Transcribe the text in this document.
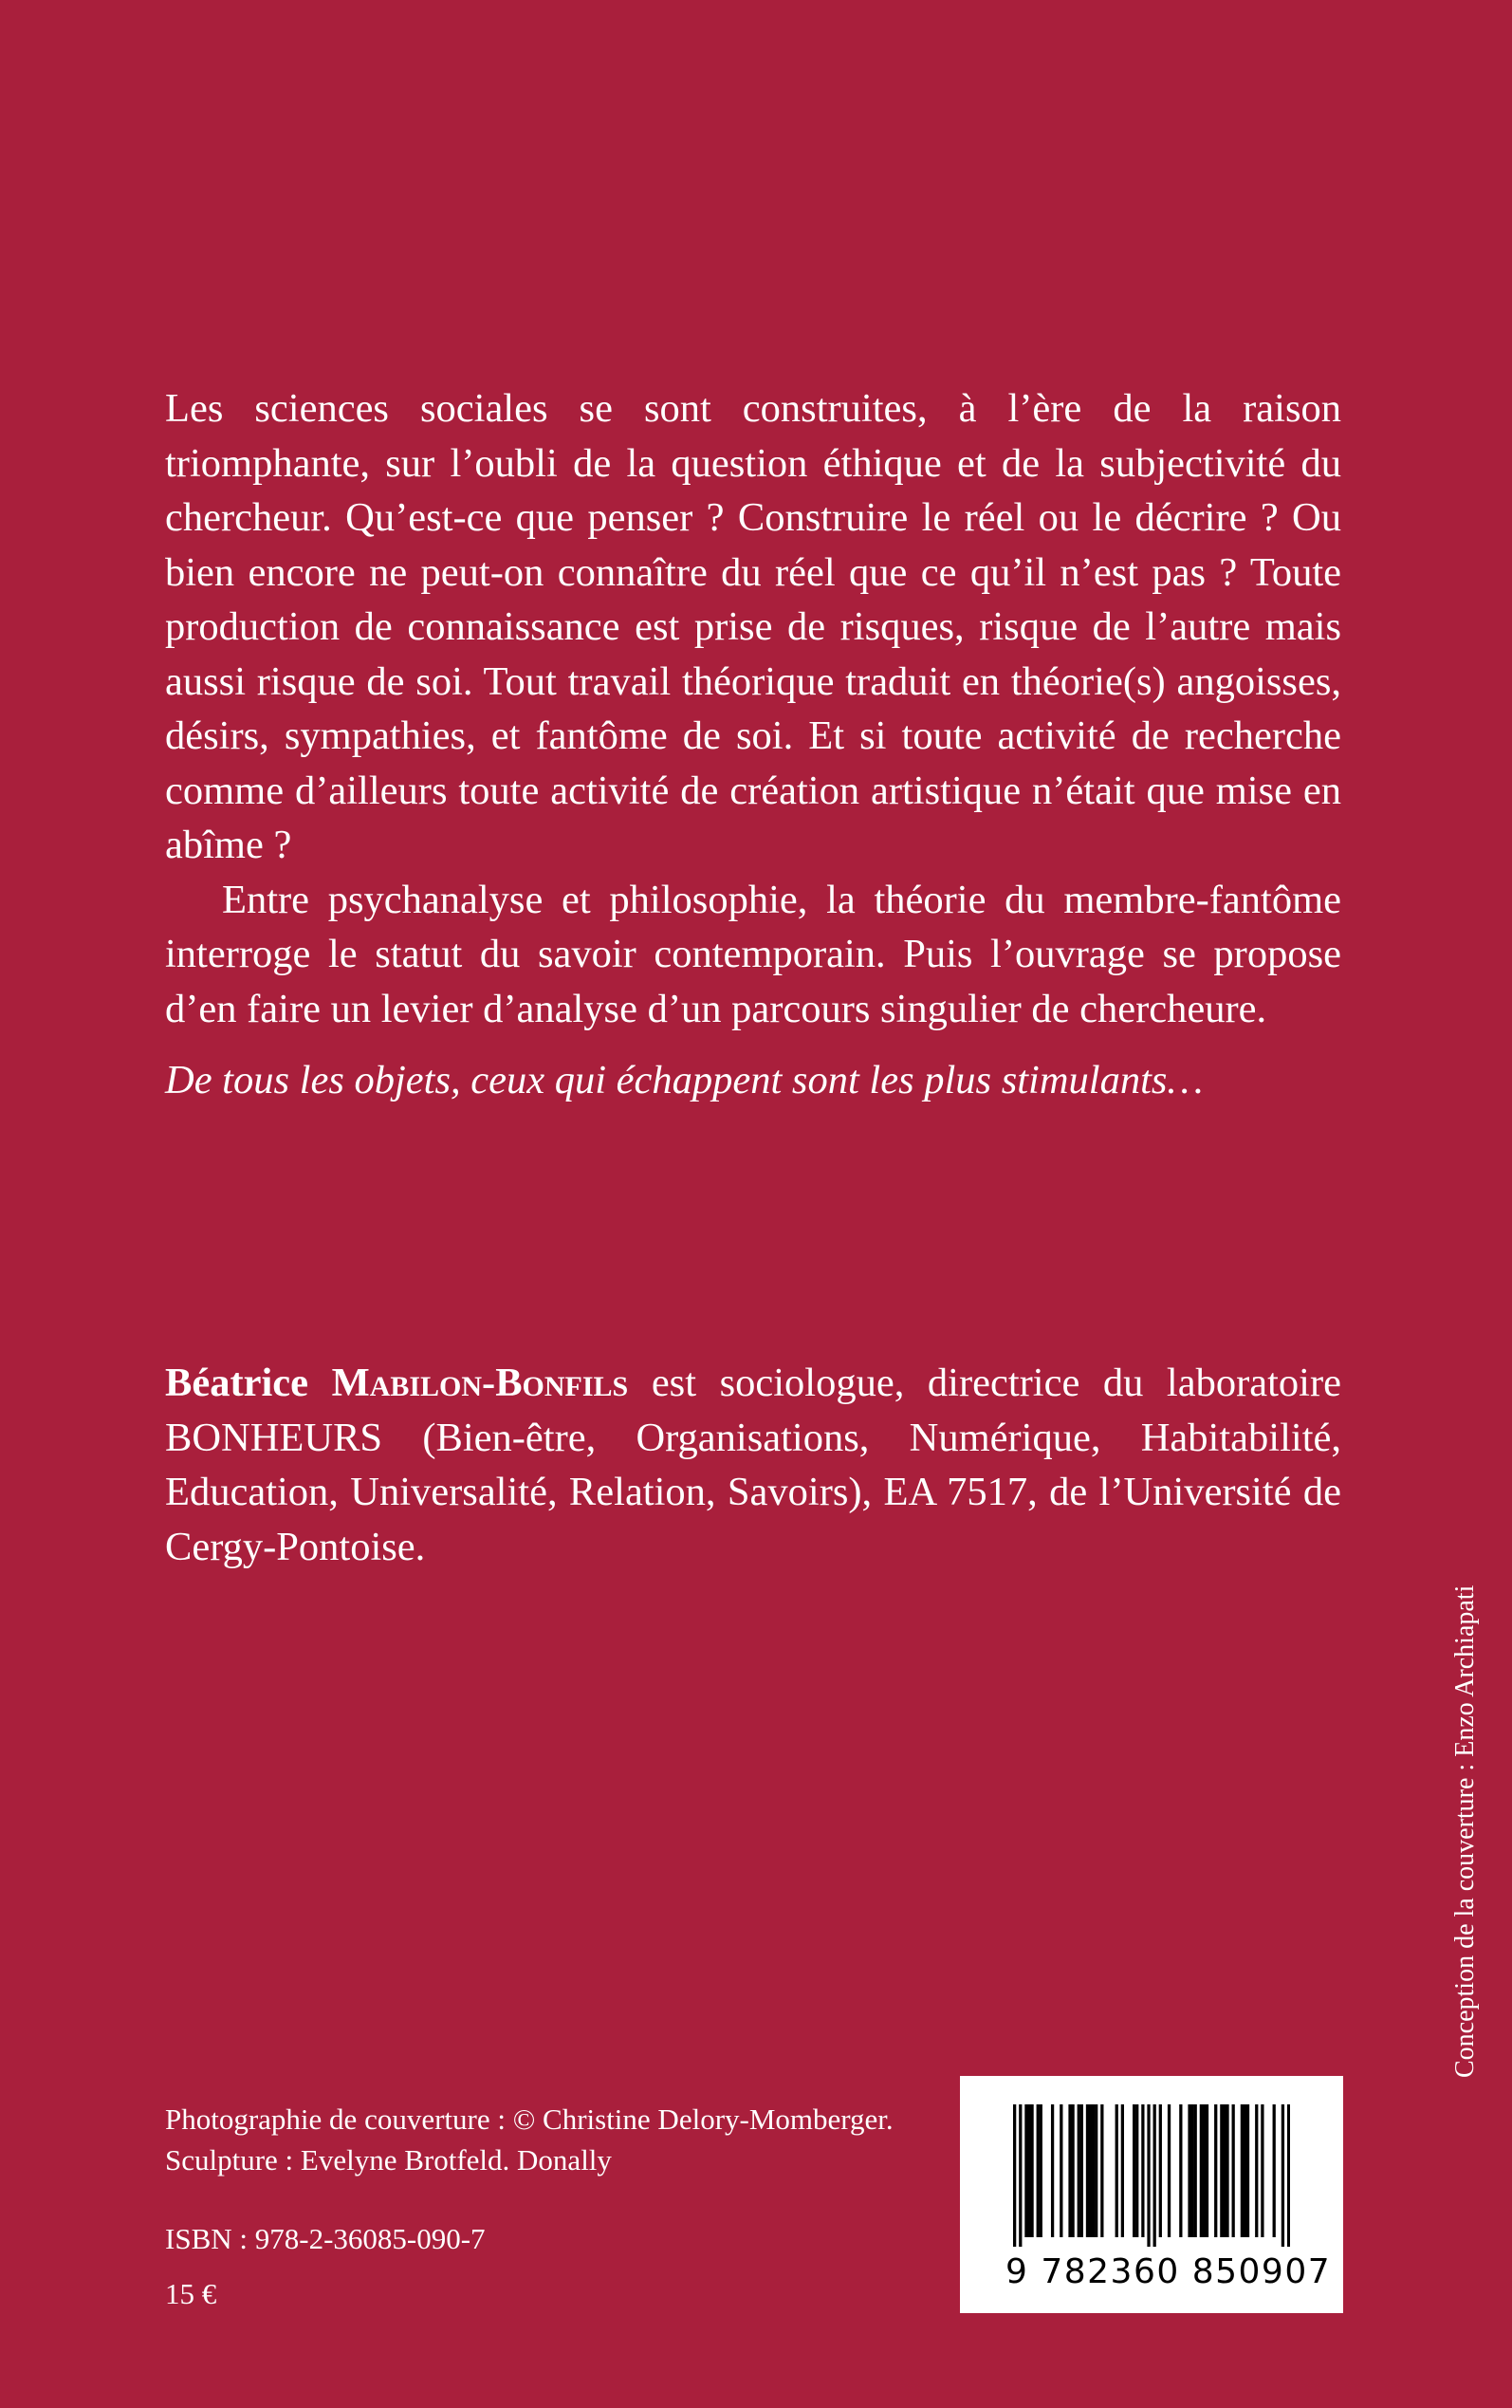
Les sciences sociales se sont construites, à l’ère de la raison triomphante, sur l’oubli de la question éthique et de la subjectivité du chercheur. Qu’est-ce que penser ? Construire le réel ou le décrire ? Ou bien encore ne peut-on connaître du réel que ce qu’il n’est pas ? Toute production de connaissance est prise de risques, risque de l’autre mais aussi risque de soi. Tout travail théorique traduit en théorie(s) angoisses, désirs, sympathies, et fantôme de soi. Et si toute activité de recherche comme d’ailleurs toute activité de création artistique n’était que mise en abîme ?

Entre psychanalyse et philosophie, la théorie du membre-fantôme interroge le statut du savoir contemporain. Puis l’ouvrage se propose d’en faire un levier d’analyse d’un parcours singulier de chercheure.

De tous les objets, ceux qui échappent sont les plus stimulants…
Béatrice Mabilon-Bonfils est sociologue, directrice du laboratoire BONHEURS (Bien-être, Organisations, Numérique, Habitabilité, Education, Universalité, Relation, Savoirs), EA 7517, de l’Université de Cergy-Pontoise.
Conception de la couverture : Enzo Archiapati
Photographie de couverture : © Christine Delory-Momberger.
Sculpture : Evelyne Brotfeld. Donally
ISBN : 978-2-36085-090-7
15 €
9 782360 850907
